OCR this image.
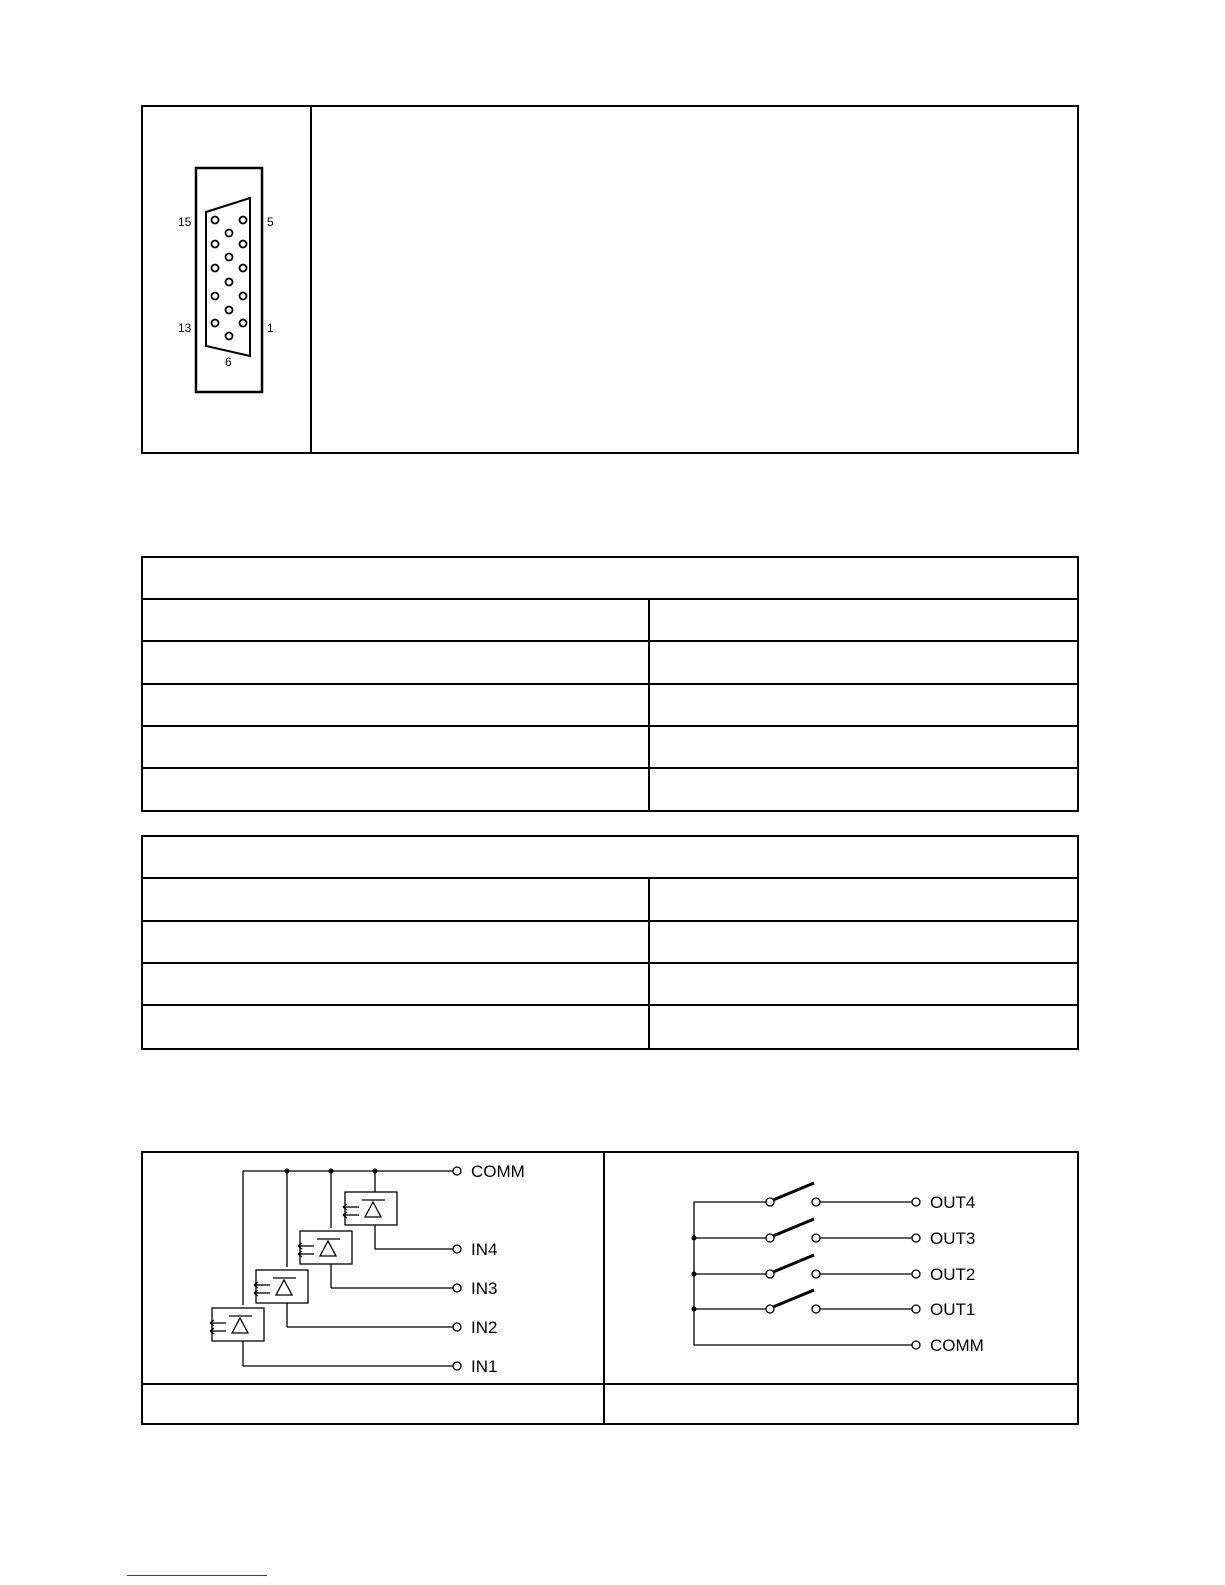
15	5
13	1
6
COMM
IN4
IN3
IN2
IN1
OUT4
OUT3
OUT2
OUT1
COMM
